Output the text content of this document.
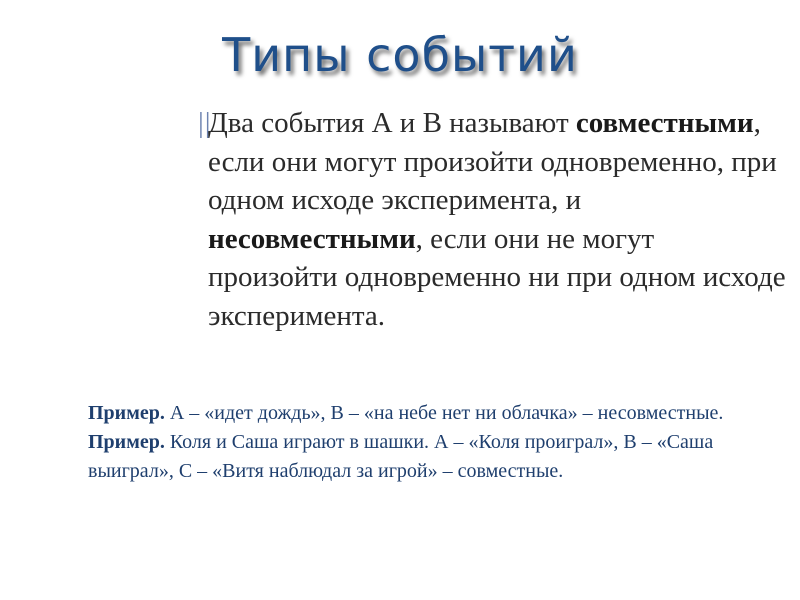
Типы событий
||
Два события А и В называют совместными, если они могут произойти одновременно, при одном исходе эксперимента, и несовместными, если они не могут произойти одновременно ни при одном исходе эксперимента.
Пример. А – «идет дождь», В – «на небе нет ни облачка» – несовместные.
Пример. Коля и Саша играют в шашки. А – «Коля проиграл», В – «Саша выиграл», С – «Витя наблюдал за игрой» – совместные.
